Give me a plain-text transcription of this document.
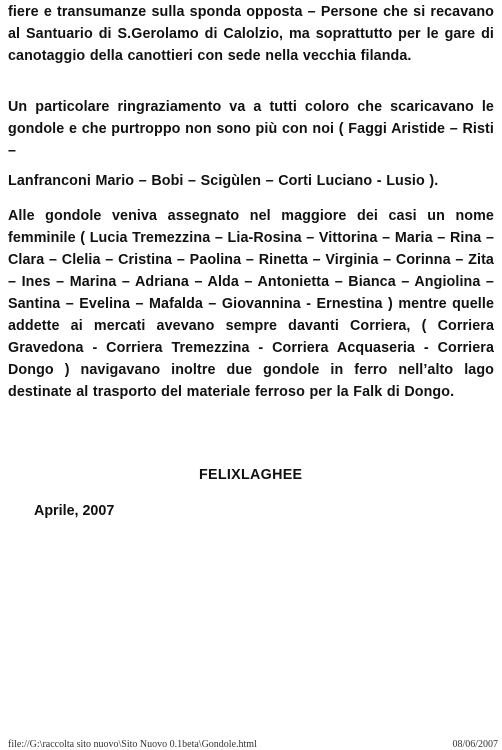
fiere e transumanze sulla sponda opposta – Persone che si recavano al Santuario di S.Gerolamo di Calolzio, ma soprattutto per le gare di canotaggio della canottieri con sede nella vecchia filanda.

Un particolare ringraziamento va a tutti coloro che scaricavano le gondole e che purtroppo non sono più con noi ( Faggi Aristide – Risti –

Lanfranconi Mario – Bobi – Scigùlen – Corti Luciano - Lusio ).

Alle gondole veniva assegnato nel maggiore dei casi un nome femminile ( Lucia Tremezzina – Lia-Rosina – Vittorina – Maria – Rina – Clara – Clelia – Cristina – Paolina – Rinetta – Virginia – Corinna – Zita – Ines – Marina – Adriana – Alda – Antonietta – Bianca – Angiolina – Santina – Evelina – Mafalda – Giovannina - Ernestina ) mentre quelle addette ai mercati avevano sempre davanti Corriera, ( Corriera Gravedona - Corriera Tremezzina - Corriera Acquaseria - Corriera Dongo ) navigavano inoltre due gondole in ferro nell’alto lago destinate al trasporto del materiale ferroso per la Falk di Dongo.

FELIXLAGHEE
Aprile, 2007
file://G:\raccolta sito nuovo\Sito Nuovo 0.1beta\Gondole.html	08/06/2007
